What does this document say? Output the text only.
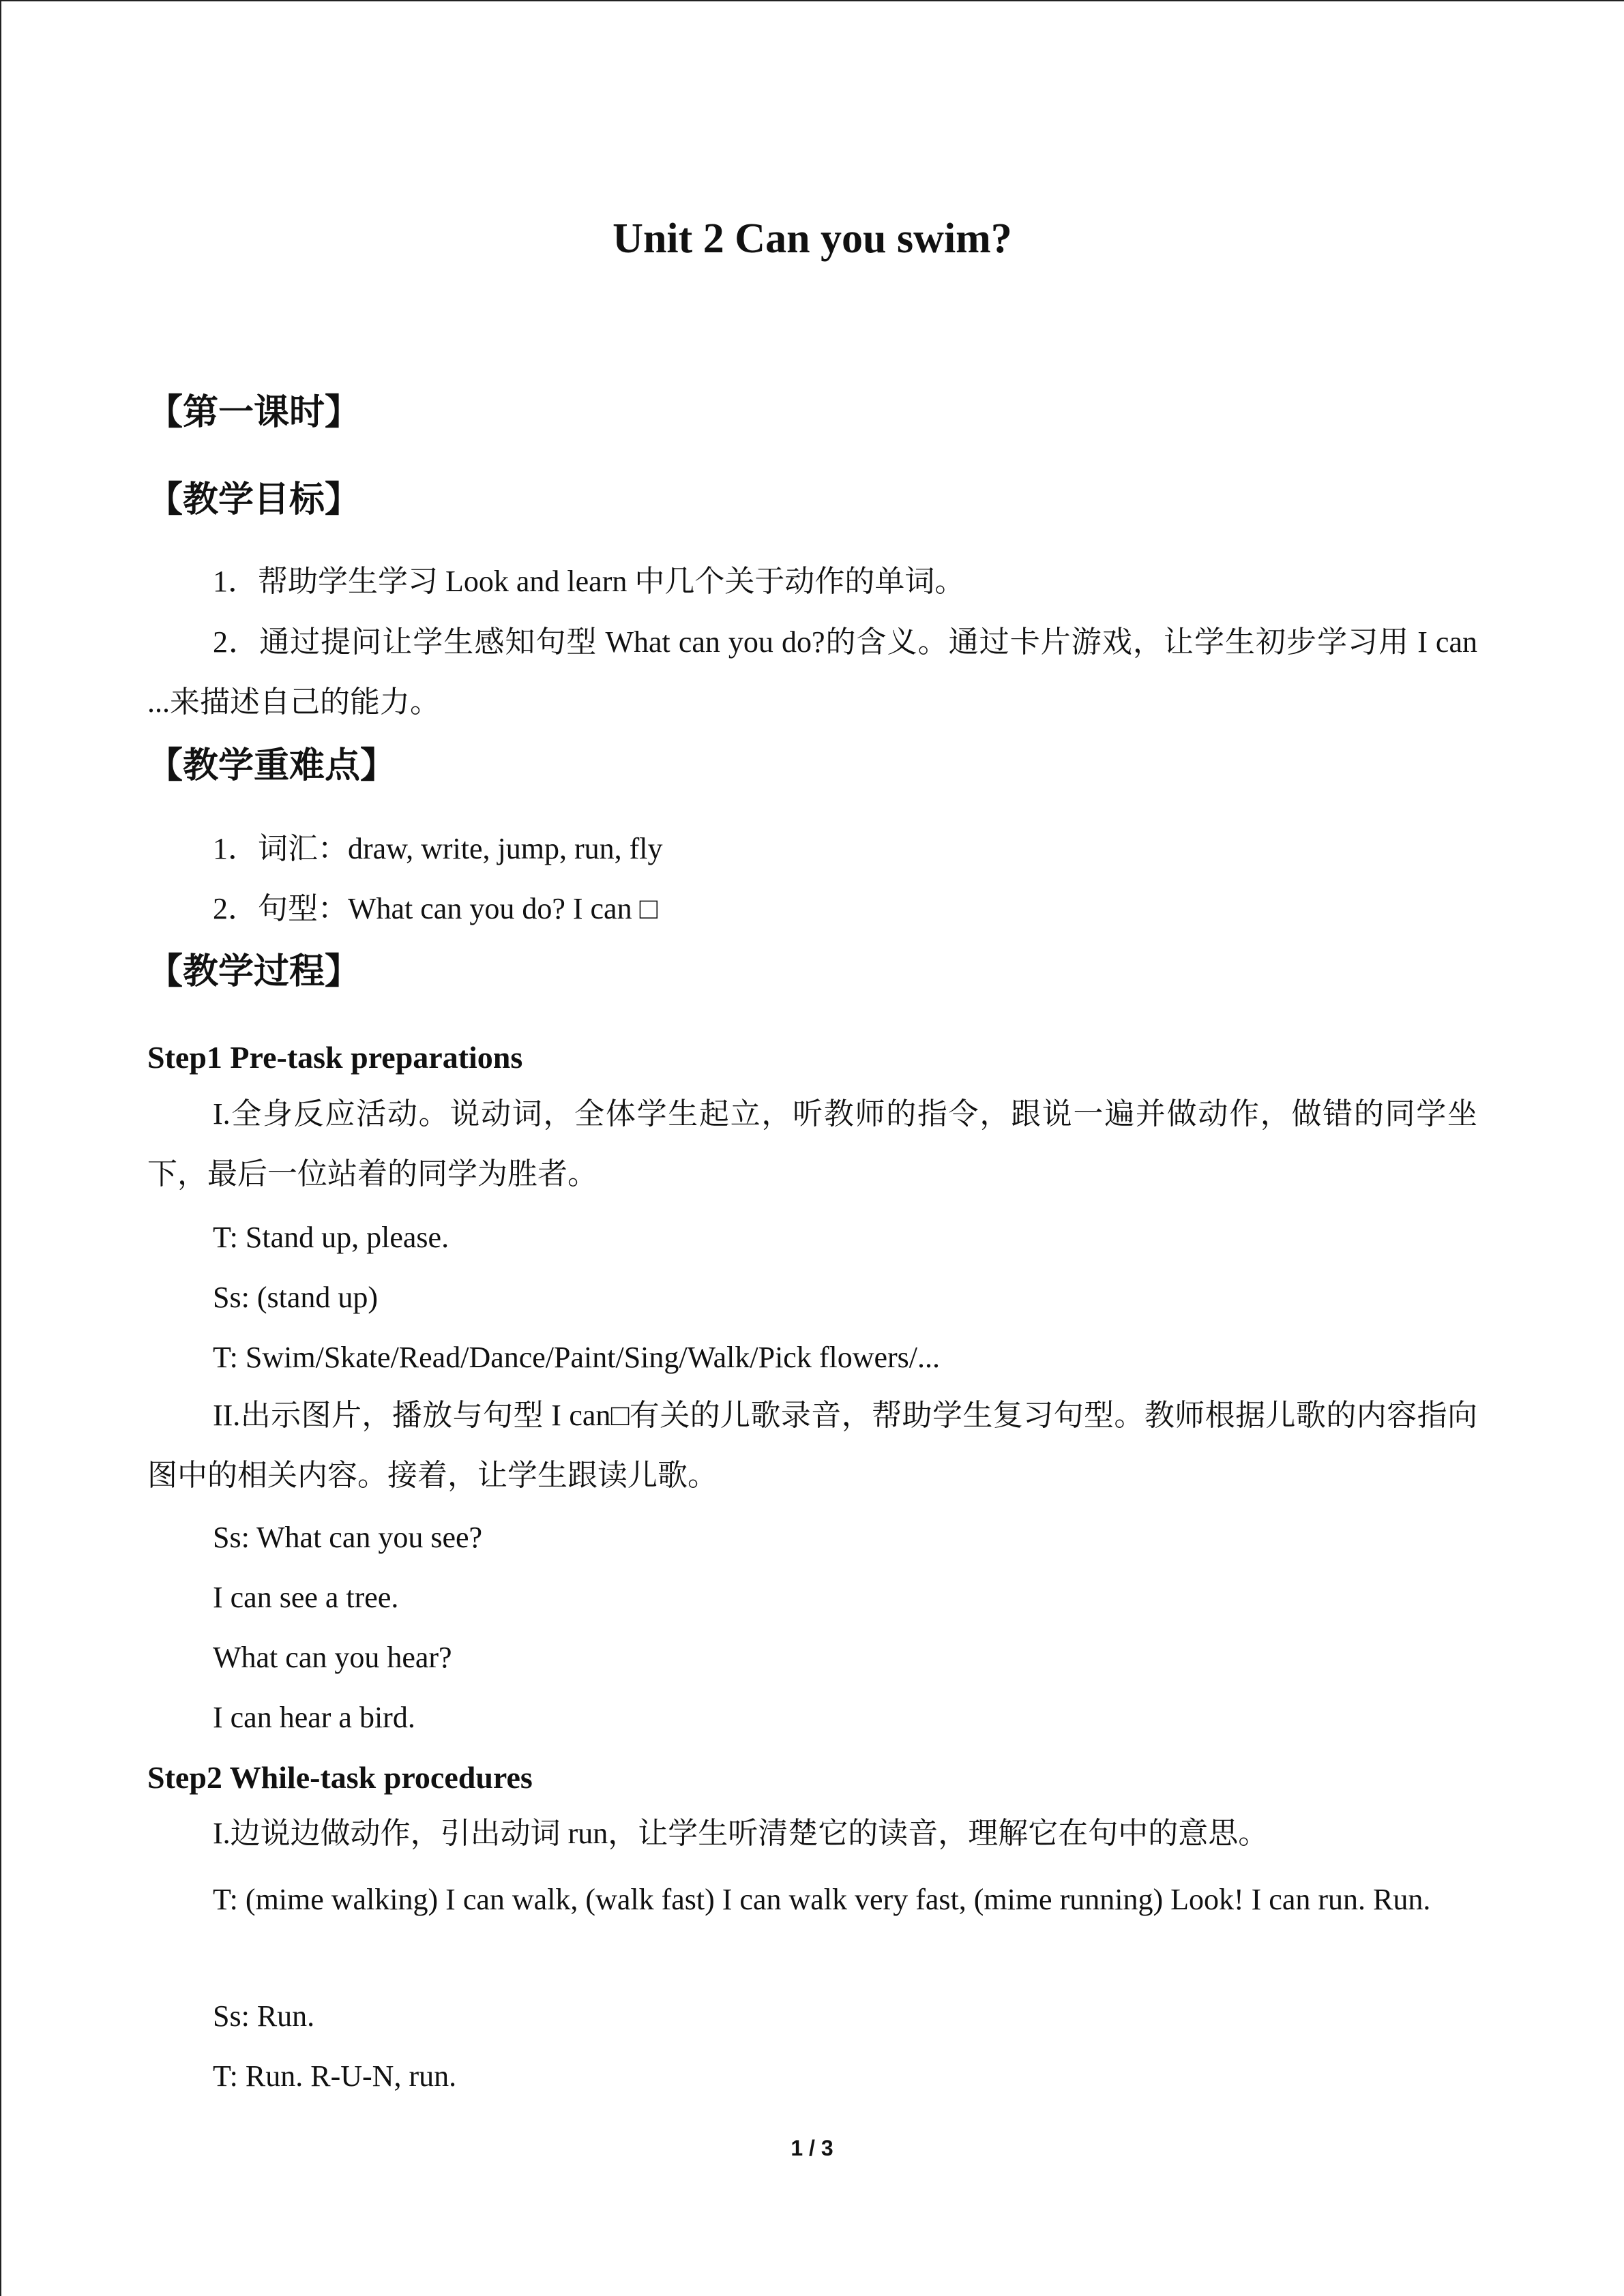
Unit 2 Can you swim?
【第一课时】
【教学目标】
1．帮助学生学习 Look and learn 中几个关于动作的单词。
2．通过提问让学生感知句型 What can you do?的含义。通过卡片游戏，让学生初步学习用 I can ...来描述自己的能力。
【教学重难点】
1．词汇：draw, write, jump, run, fly
2．句型：What can you do? I can □
【教学过程】
Step1 Pre-task preparations
I.全身反应活动。说动词，全体学生起立，听教师的指令，跟说一遍并做动作，做错的同学坐下，最后一位站着的同学为胜者。
T: Stand up, please.
Ss: (stand up)
T: Swim/Skate/Read/Dance/Paint/Sing/Walk/Pick flowers/...
II.出示图片，播放与句型 I can□有关的儿歌录音，帮助学生复习句型。教师根据儿歌的内容指向图中的相关内容。接着，让学生跟读儿歌。
Ss: What can you see?
I can see a tree.
What can you hear?
I can hear a bird.
Step2 While-task procedures
I.边说边做动作，引出动词 run，让学生听清楚它的读音，理解它在句中的意思。
T: (mime walking) I can walk, (walk fast) I can walk very fast, (mime running) Look! I can run. Run.
Ss: Run.
T: Run. R-U-N, run.
1 / 3
